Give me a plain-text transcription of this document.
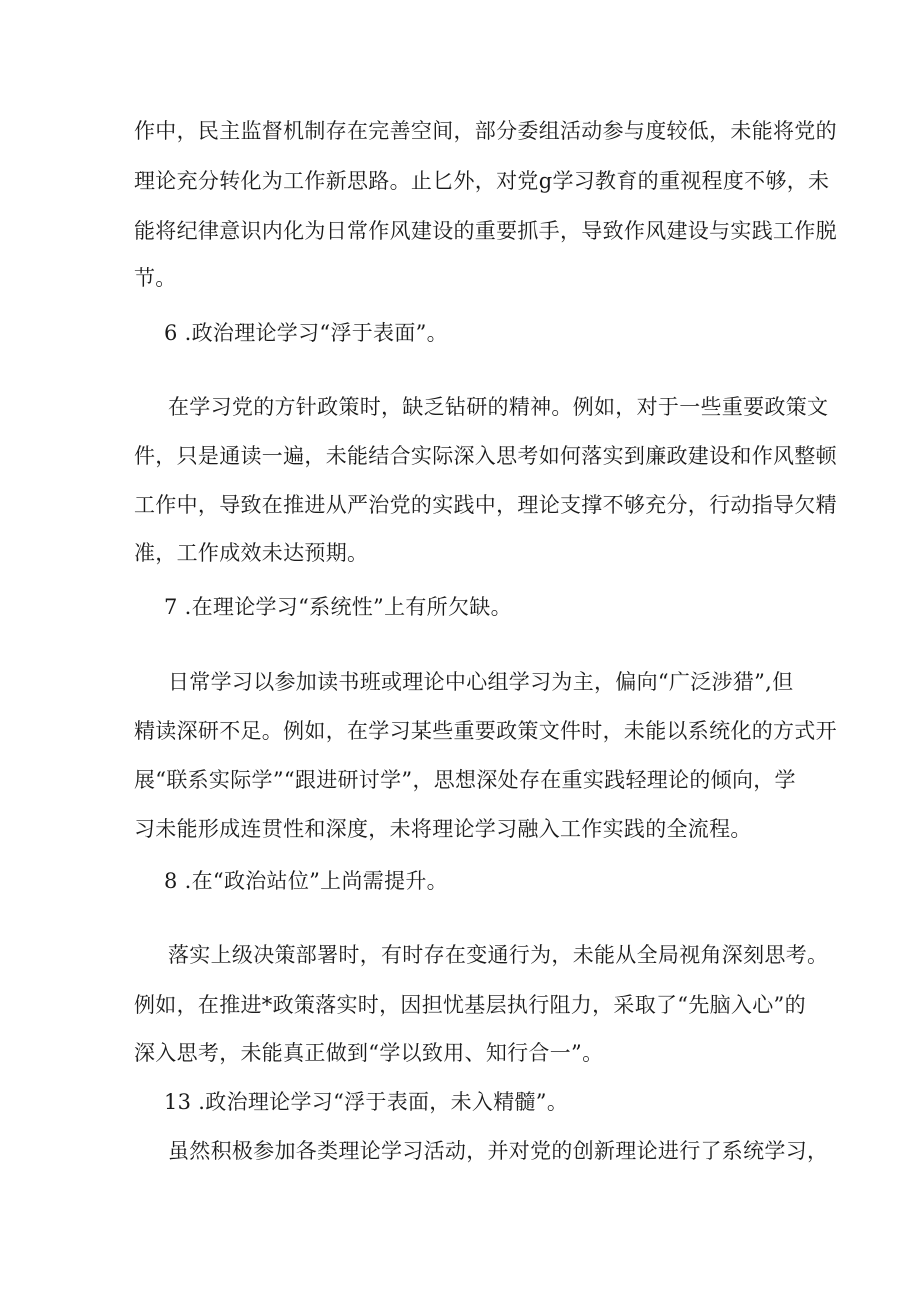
作中，民主监督机制存在完善空间，部分委组活动参与度较低，未能将党的
理论充分转化为工作新思路。止匕外，对党g学习教育的重视程度不够，未
能将纪律意识内化为日常作风建设的重要抓手，导致作风建设与实践工作脱
节。
6 .政治理论学习“浮于表面”。
在学习党的方针政策时，缺乏钻研的精神。例如，对于一些重要政策文
件，只是通读一遍，未能结合实际深入思考如何落实到廉政建设和作风整顿
工作中，导致在推进从严治党的实践中，理论支撑不够充分，行动指导欠精
准，工作成效未达预期。
7 .在理论学习“系统性”上有所欠缺。
日常学习以参加读书班或理论中心组学习为主，偏向“广泛涉猎”,但
精读深研不足。例如，在学习某些重要政策文件时，未能以系统化的方式开
展“联系实际学”“跟进研讨学”，思想深处存在重实践轻理论的倾向，学
习未能形成连贯性和深度，未将理论学习融入工作实践的全流程。
8 .在“政治站位”上尚需提升。
落实上级决策部署时，有时存在变通行为，未能从全局视角深刻思考。
例如，在推进*政策落实时，因担忧基层执行阻力，采取了“先脑入心”的
深入思考，未能真正做到“学以致用、知行合一”。
13 .政治理论学习“浮于表面，未入精髓”。
虽然积极参加各类理论学习活动，并对党的创新理论进行了系统学习，
